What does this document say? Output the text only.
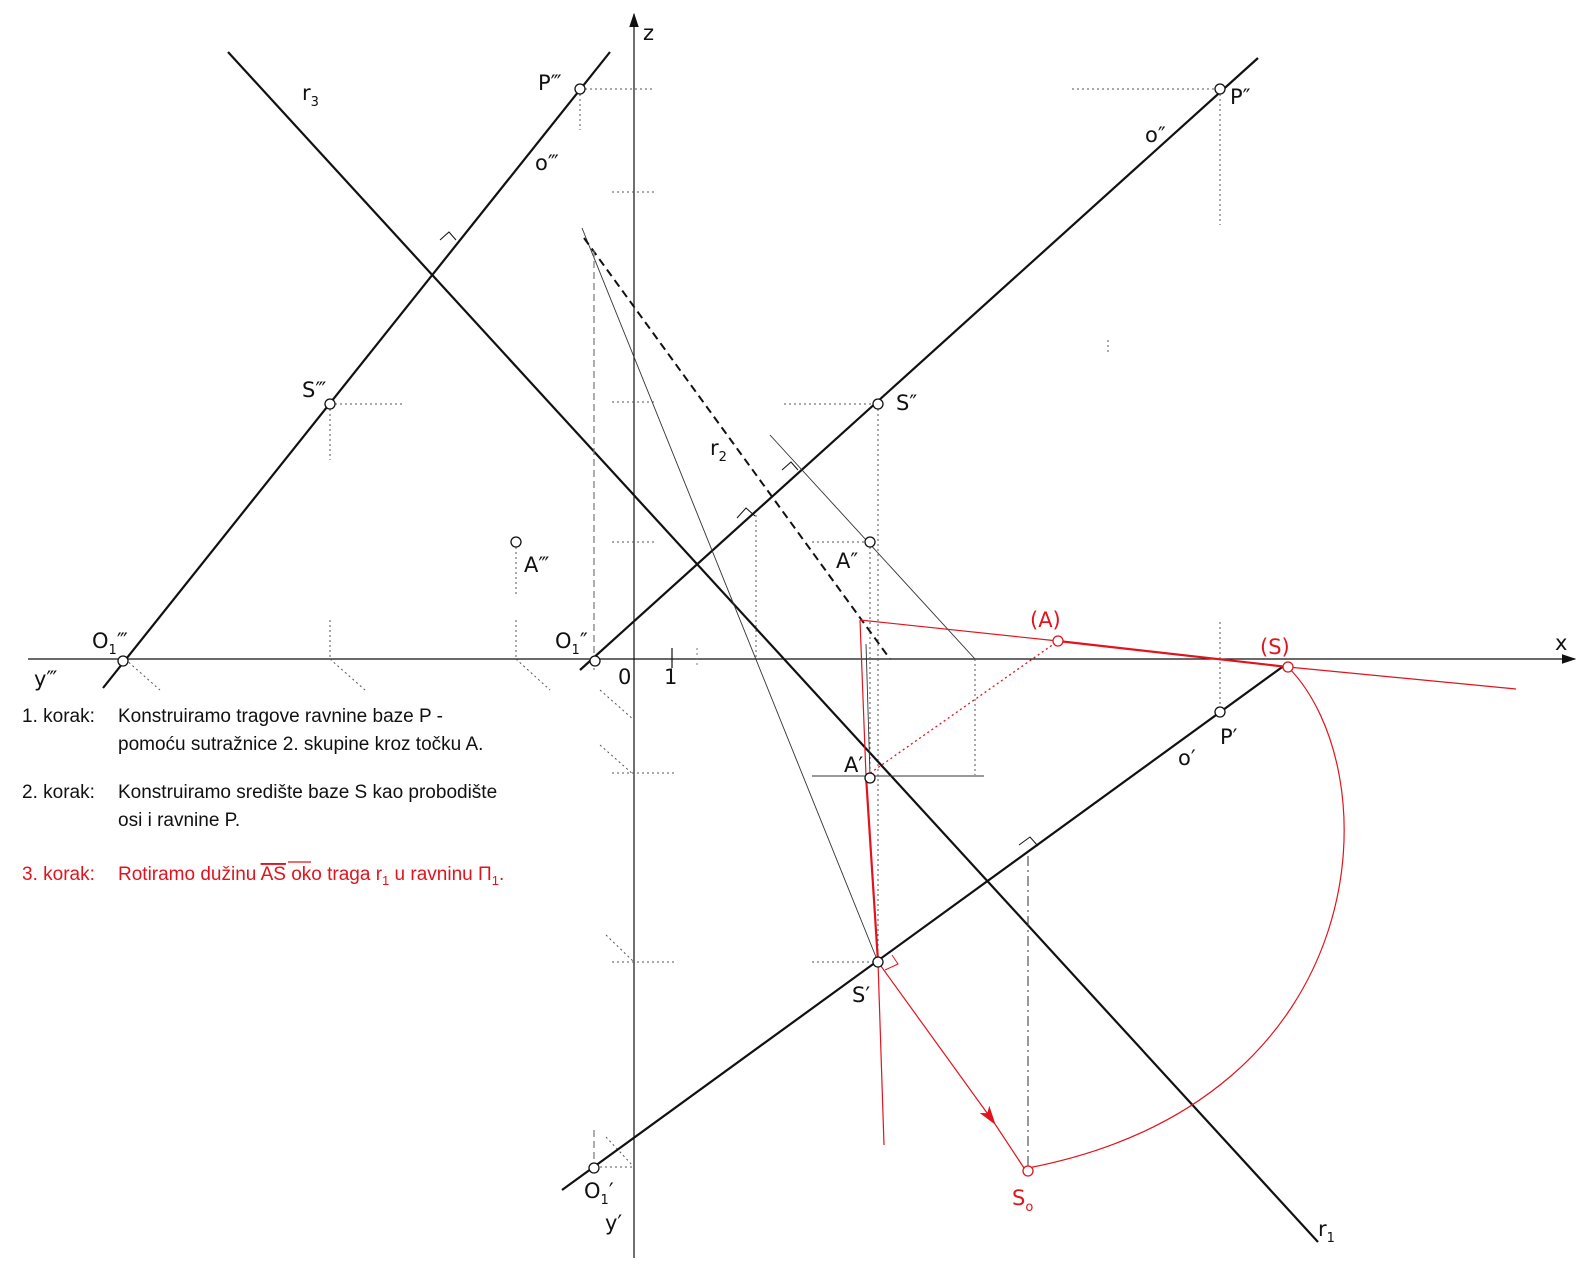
x
z
y‴
y′
0 1
$r_3$
$r_2$
$r_1$
o‴
o″
o′
P‴
P″
P′
S‴
S″
S′
A‴	A″
A′
$O_1‴$	$O_1''$
$O_1'$
(A)
(S)
$S_o$
1. korak: Konstruiramo tragove ravnine baze P -
pomoću sutražnice 2. skupine kroz točku A.
2. korak: Konstruiramo središte baze S kao probodište
osi i ravnine P.
3. korak: Rotiramo dužinu AS oko traga $r_1$ u ravninu $\Pi_1$.
